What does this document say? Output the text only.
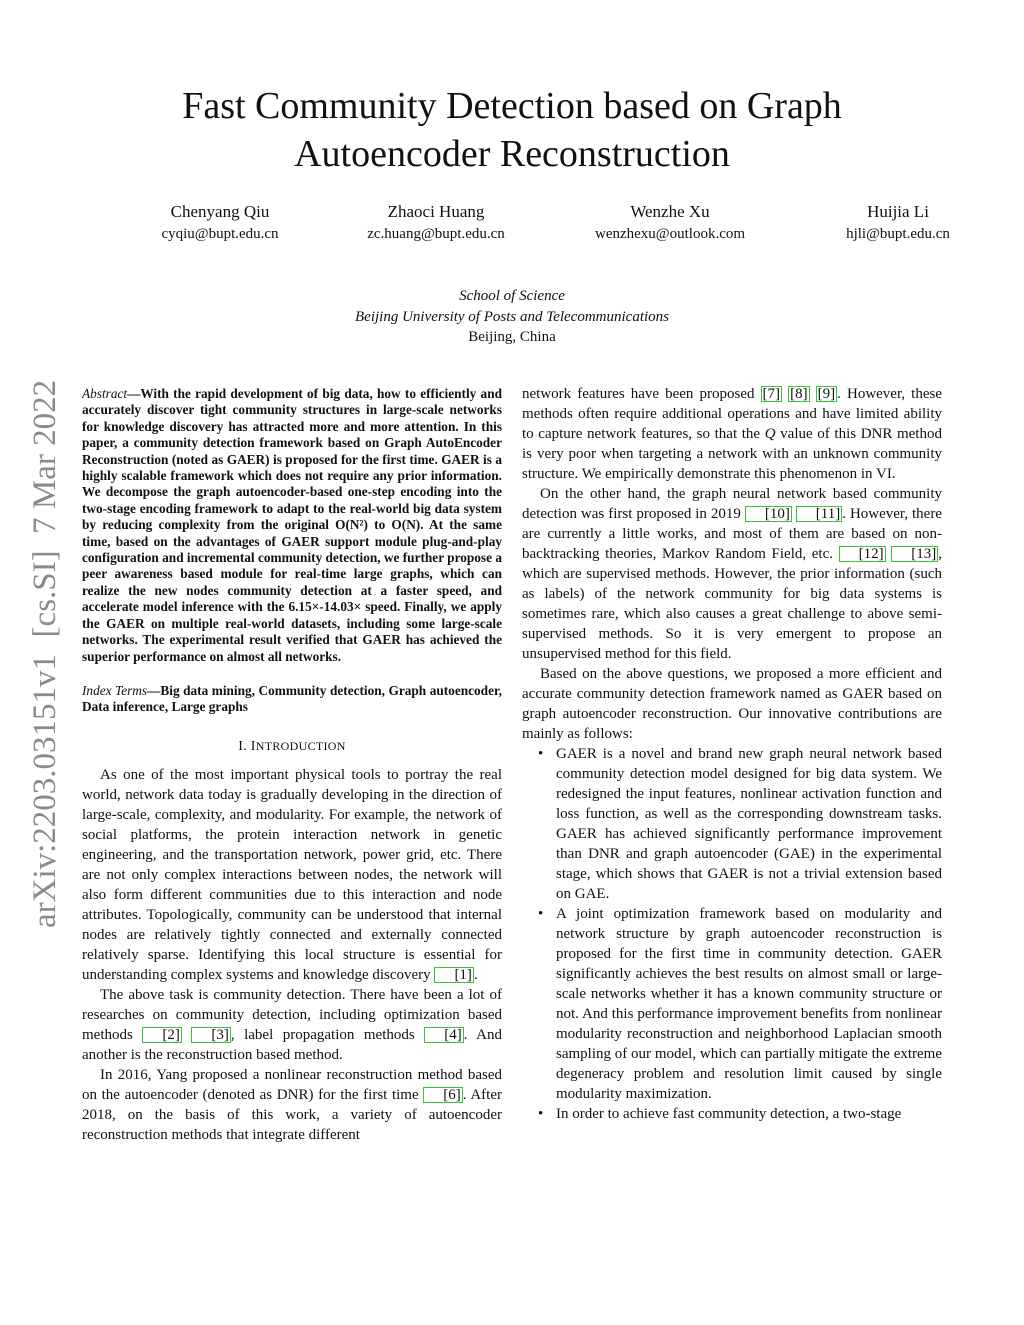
Fast Community Detection based on Graph Autoencoder Reconstruction
Chenyang Qiu
cyqiu@bupt.edu.cn
Zhaoci Huang
zc.huang@bupt.edu.cn
Wenzhe Xu
wenzhexu@outlook.com
Huijia Li
hjli@bupt.edu.cn
School of Science
Beijing University of Posts and Telecommunications
Beijing, China
arXiv:2203.03151v1  [cs.SI]  7 Mar 2022 Abstract—With the rapid development of big data, how to efficiently and accurately discover tight community structures in large-scale networks for knowledge discovery has attracted more and more attention. In this paper, a community detection framework based on Graph AutoEncoder Reconstruction (noted as GAER) is proposed for the first time. GAER is a highly scalable framework which does not require any prior information. We decompose the graph autoencoder-based one-step encoding into the two-stage encoding framework to adapt to the real-world big data system by reducing complexity from the original O(N²) to O(N). At the same time, based on the advantages of GAER support module plug-and-play configuration and incremental community detection, we further propose a peer awareness based module for real-time large graphs, which can realize the new nodes community detection at a faster speed, and accelerate model inference with the 6.15×-14.03× speed. Finally, we apply the GAER on multiple real-world datasets, including some large-scale networks. The experimental result verified that GAER has achieved the superior performance on almost all networks.

Index Terms—Big data mining, Community detection, Graph autoencoder, Data inference, Large graphs

I. INTRODUCTION

As one of the most important physical tools to portray the real world, network data today is gradually developing in the direction of large-scale, complexity, and modularity. For example, the network of social platforms, the protein interaction network in genetic engineering, and the transportation network, power grid, etc. There are not only complex interactions between nodes, the network will also form different communities due to this interaction and node attributes. Topologically, community can be understood that internal nodes are relatively tightly connected and externally connected relatively sparse. Identifying this local structure is essential for understanding complex systems and knowledge discovery [1] .

The above task is community detection. There have been a lot of researches on community detection, including optimization based methods [2] [3] , label propagation methods [4] . And another is the reconstruction based method.

In 2016, Yang proposed a nonlinear reconstruction method based on the autoencoder (denoted as DNR) for the first time [6] . After 2018, on the basis of this work, a variety of autoencoder reconstruction methods that integrate different

network features have been proposed [7] [8] [9] . However, these methods often require additional operations and have limited ability to capture network features, so that the Q value of this DNR method is very poor when targeting a network with an unknown community structure. We empirically demonstrate this phenomenon in VI.

On the other hand, the graph neural network based community detection was first proposed in 2019 [10] [11] . However, there are currently a little works, and most of them are based on non-backtracking theories, Markov Random Field, etc. [12] [13] , which are supervised methods. However, the prior information (such as labels) of the network community for big data systems is sometimes rare, which also causes a great challenge to above semi-supervised methods. So it is very emergent to propose an unsupervised method for this field.

Based on the above questions, we proposed a more efficient and accurate community detection framework named as GAER based on graph autoencoder reconstruction. Our innovative contributions are mainly as follows:

• GAER is a novel and brand new graph neural network based community detection model designed for big data system. We redesigned the input features, nonlinear activation function and loss function, as well as the corresponding downstream tasks. GAER has achieved significantly performance improvement than DNR and graph autoencoder (GAE) in the experimental stage, which shows that GAER is not a trivial extension based on GAE.
• A joint optimization framework based on modularity and network structure by graph autoencoder reconstruction is proposed for the first time in community detection. GAER significantly achieves the best results on almost small or large-scale networks whether it has a known community structure or not. And this performance improvement benefits from nonlinear modularity reconstruction and neighborhood Laplacian smooth sampling of our model, which can partially mitigate the extreme degeneracy problem and resolution limit caused by single modularity maximization.
• In order to achieve fast community detection, a two-stage
